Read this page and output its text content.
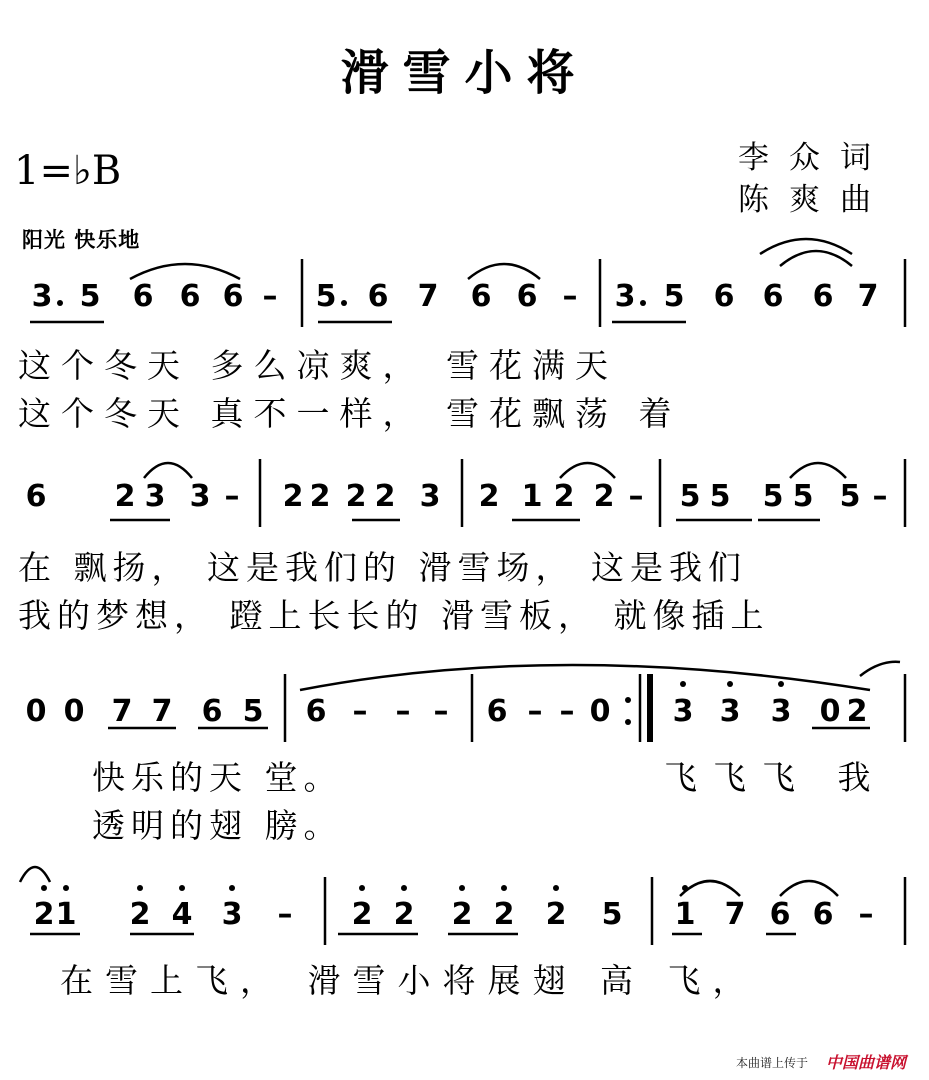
滑雪小将
1=♭B	李众词
陈爽曲
阳光 快乐地
3 5 6 6 6 – 5 6 7 6 6 – 3 5 6 6 6 7
6 2 3 3 – 2 2 2 2 3 2 1 2 2 – 5 5 5 5 5 –
0 0 7 7 6 5 6 – – – 6 – – 0 3 3 3 0 2
2 1 2 4 3 – 2 2 2 2 2 5 1 7 6 6 –
这个冬天 多么凉爽， 雪花满天
这个冬天 真不一样， 雪花飘荡 着
在 飘扬， 这是我们的 滑雪场， 这是我们
我的梦想， 蹬上长长的 滑雪板， 就像插上
快乐的天 堂。	飞飞飞 我
透明的翅 膀。
在雪上飞， 滑雪小将展翅 高 飞，
本曲谱上传于 中国曲谱网
